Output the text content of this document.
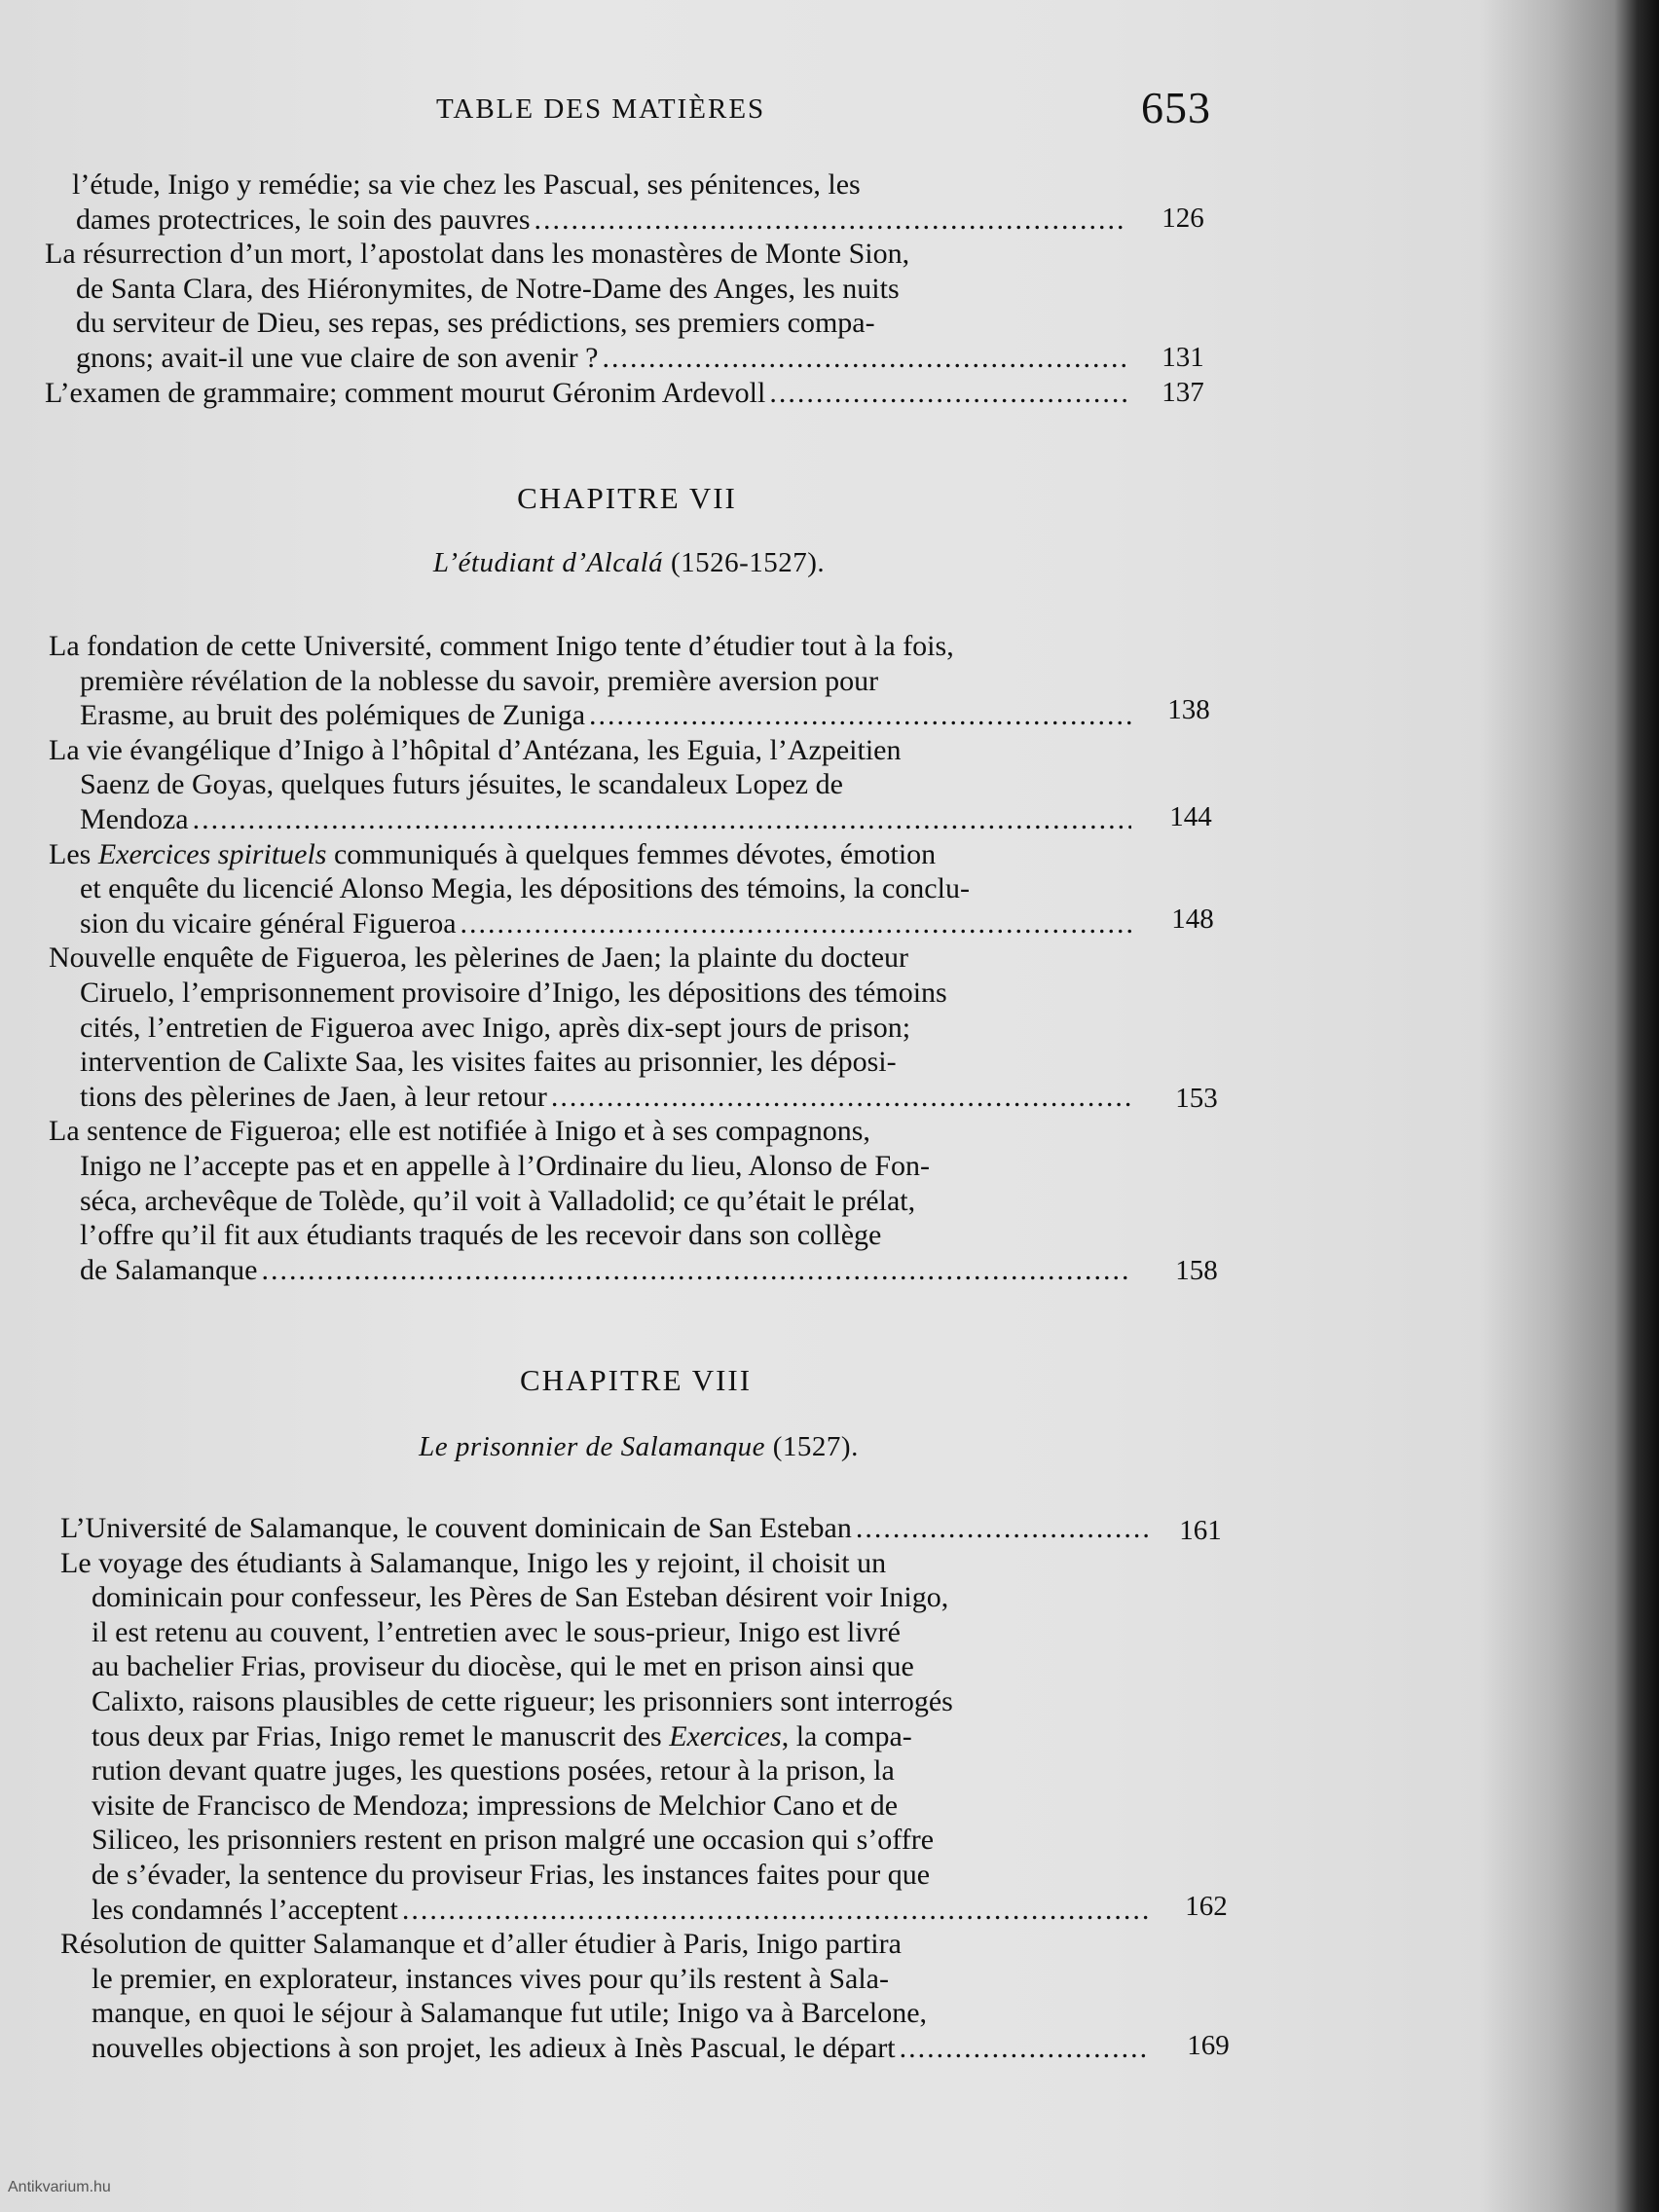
TABLE DES MATIÈRES	653
l’étude, Inigo y remédie; sa vie chez les Pascual, ses pénitences, les
dames protectrices, le soin des pauvres
.....
La résurrection d’un mort, l’apostolat dans les monastères de Monte Sion,
de Santa Clara, des Hiéronymites, de Notre-Dame des Anges, les nuits
du serviteur de Dieu, ses repas, ses prédictions, ses premiers compa-
gnons; avait-il une vue claire de son avenir ?
.....
L’examen de grammaire; comment mourut Géronim Ardevoll
.....
126
131
137
CHAPITRE VII
L’étudiant d’Alcalá (1526-1527).
La fondation de cette Université, comment Inigo tente d’étudier tout à la fois,
première révélation de la noblesse du savoir, première aversion pour
Erasme, au bruit des polémiques de Zuniga
.....
La vie évangélique d’Inigo à l’hôpital d’Antézana, les Eguia, l’Azpeitien
Saenz de Goyas, quelques futurs jésuites, le scandaleux Lopez de
Mendoza
.....
Les Exercices spirituels communiqués à quelques femmes dévotes, émotion
et enquête du licencié Alonso Megia, les dépositions des témoins, la conclu-
sion du vicaire général Figueroa
.....
Nouvelle enquête de Figueroa, les pèlerines de Jaen; la plainte du docteur
Ciruelo, l’emprisonnement provisoire d’Inigo, les dépositions des témoins
cités, l’entretien de Figueroa avec Inigo, après dix-sept jours de prison;
intervention de Calixte Saa, les visites faites au prisonnier, les déposi-
tions des pèlerines de Jaen, à leur retour
.....
La sentence de Figueroa; elle est notifiée à Inigo et à ses compagnons,
Inigo ne l’accepte pas et en appelle à l’Ordinaire du lieu, Alonso de Fon-
séca, archevêque de Tolède, qu’il voit à Valladolid; ce qu’était le prélat,
l’offre qu’il fit aux étudiants traqués de les recevoir dans son collège
de Salamanque
.....
138
144
148
153
158
CHAPITRE VIII
Le prisonnier de Salamanque (1527).
L’Université de Salamanque, le couvent dominicain de San Esteban
.....
Le voyage des étudiants à Salamanque, Inigo les y rejoint, il choisit un
dominicain pour confesseur, les Pères de San Esteban désirent voir Inigo,
il est retenu au couvent, l’entretien avec le sous-prieur, Inigo est livré
au bachelier Frias, proviseur du diocèse, qui le met en prison ainsi que
Calixto, raisons plausibles de cette rigueur; les prisonniers sont interrogés
tous deux par Frias, Inigo remet le manuscrit des Exercices, la compa-
rution devant quatre juges, les questions posées, retour à la prison, la
visite de Francisco de Mendoza; impressions de Melchior Cano et de
Siliceo, les prisonniers restent en prison malgré une occasion qui s’offre
de s’évader, la sentence du proviseur Frias, les instances faites pour que
les condamnés l’acceptent
.....
Résolution de quitter Salamanque et d’aller étudier à Paris, Inigo partira
le premier, en explorateur, instances vives pour qu’ils restent à Sala-
manque, en quoi le séjour à Salamanque fut utile; Inigo va à Barcelone,
nouvelles objections à son projet, les adieux à Inès Pascual, le départ
.....
161
162
169
Antikvarium.hu
